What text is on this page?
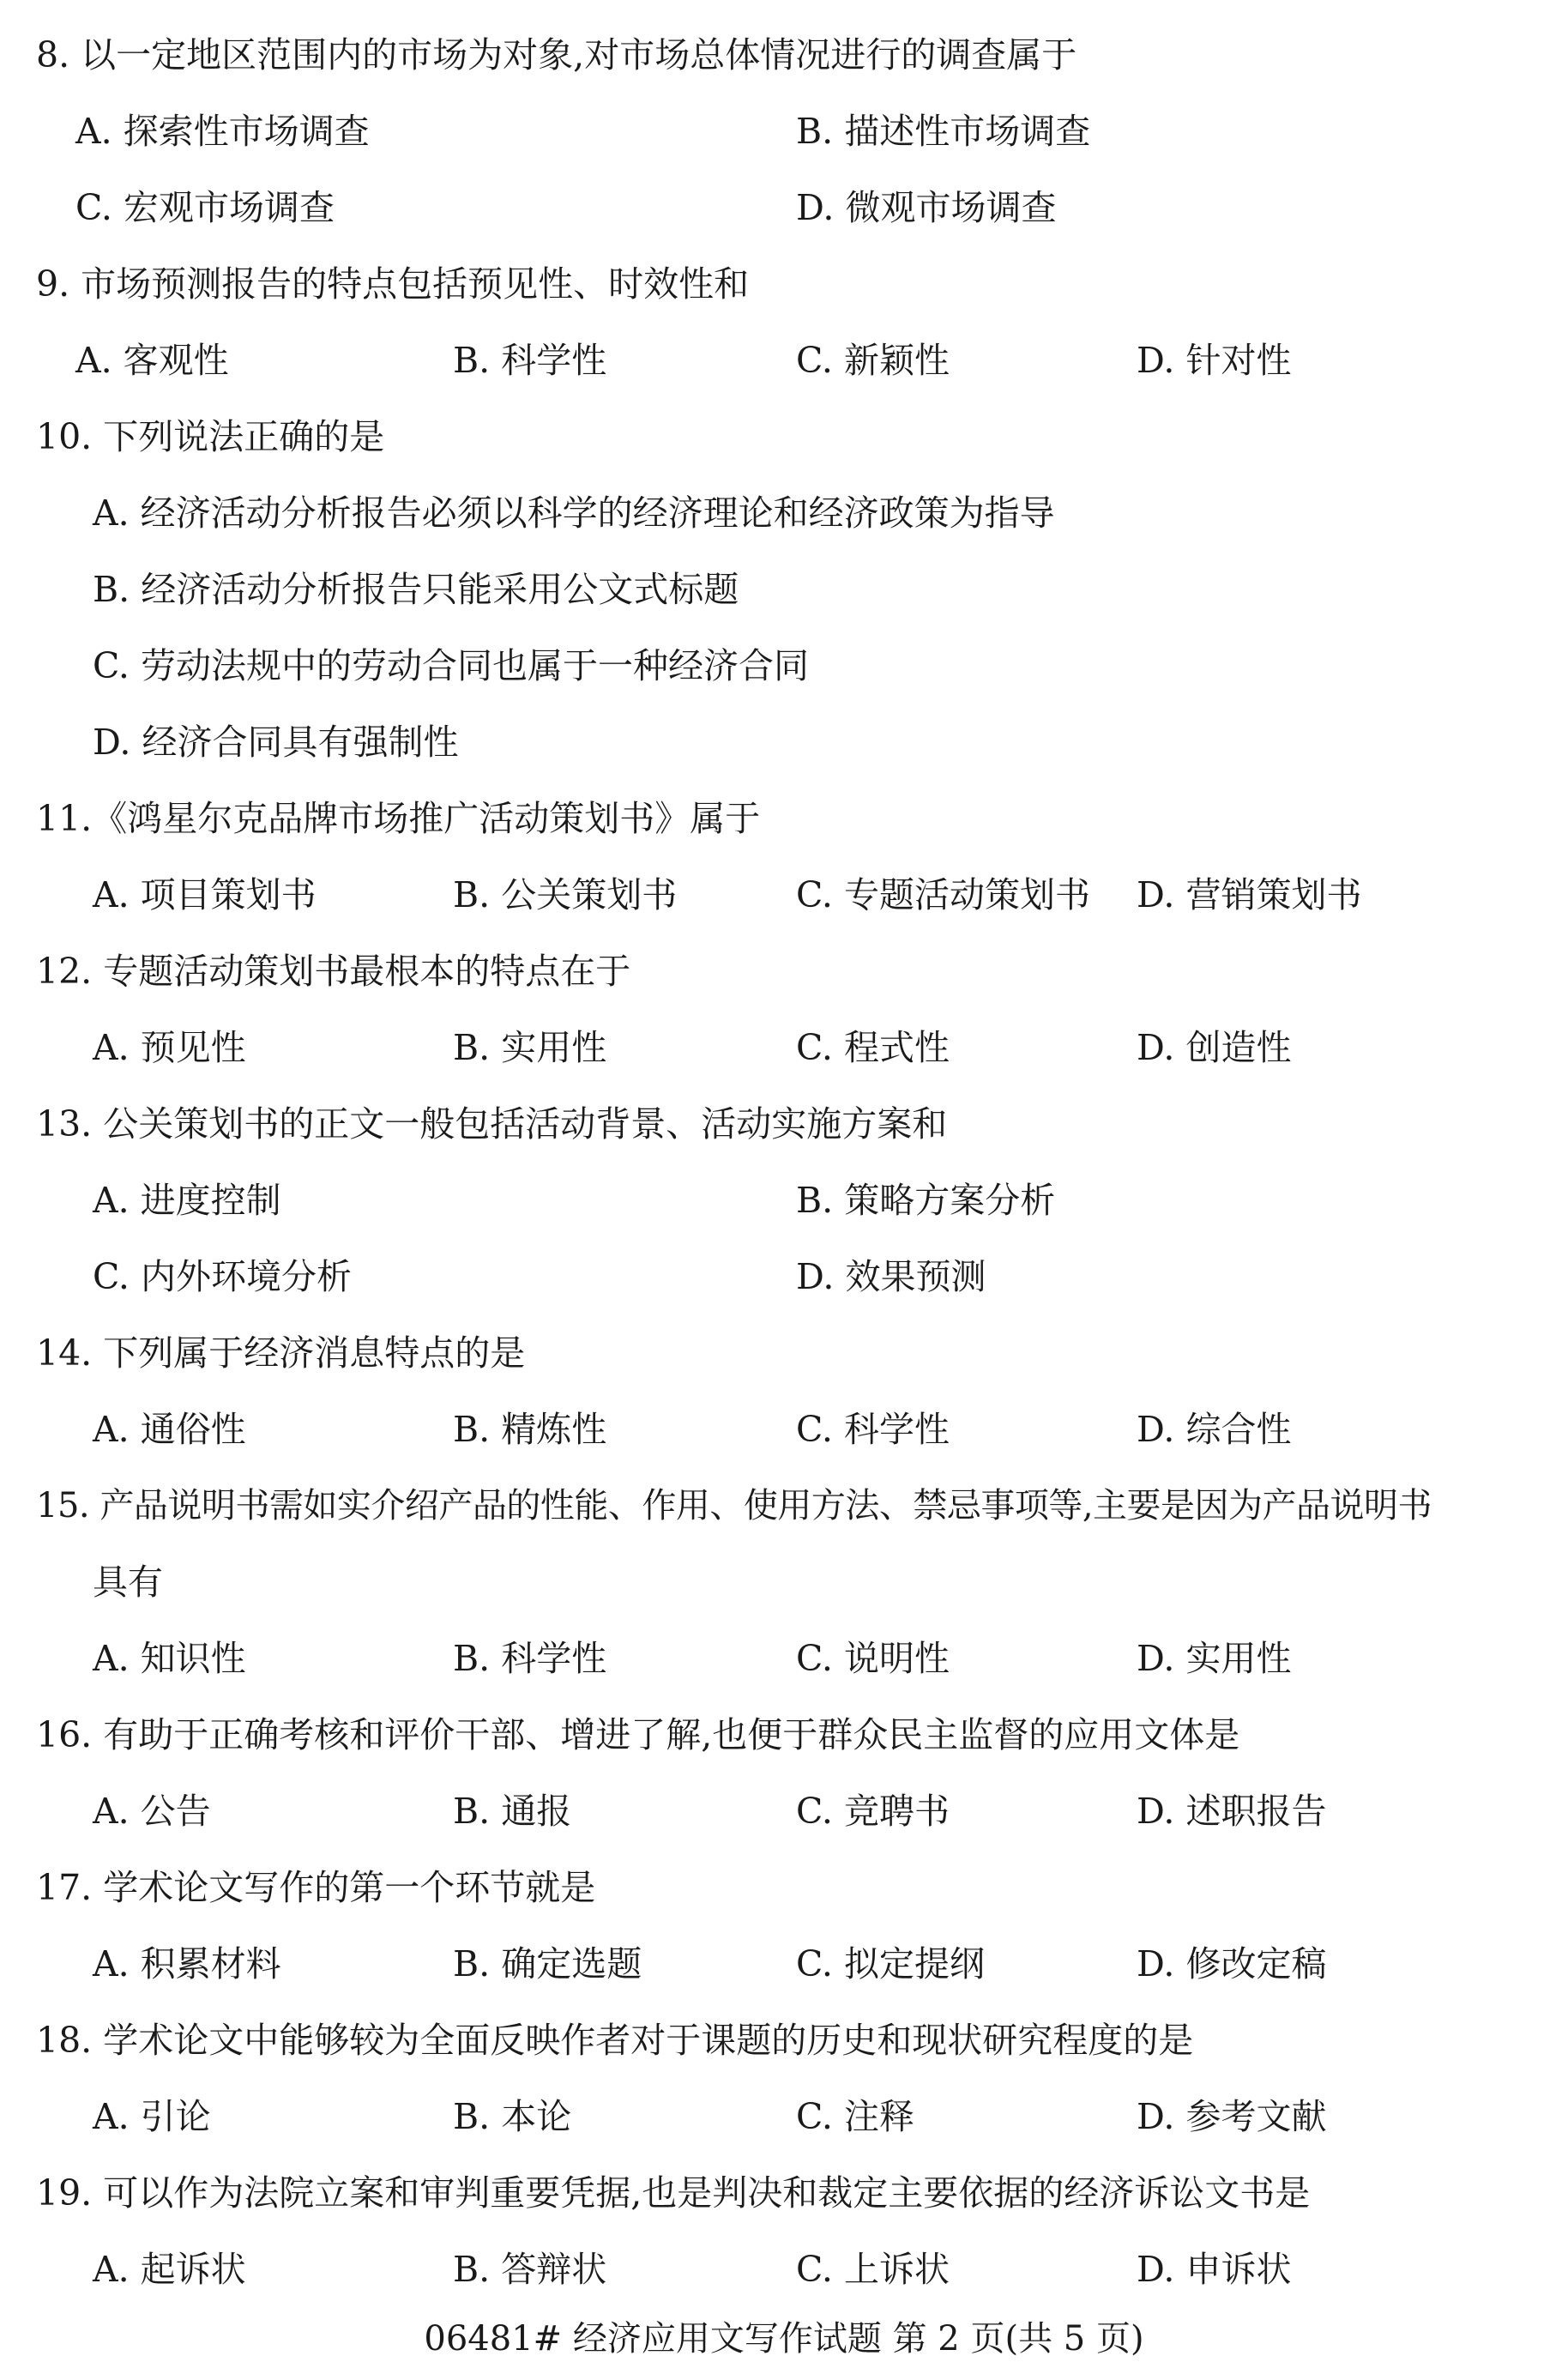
8. 以一定地区范围内的市场为对象,对市场总体情况进行的调查属于
A. 探索性市场调查	B. 描述性市场调查
C. 宏观市场调查	D. 微观市场调查
9. 市场预测报告的特点包括预见性、时效性和
A. 客观性	B. 科学性	C. 新颖性	D. 针对性
10. 下列说法正确的是
A. 经济活动分析报告必须以科学的经济理论和经济政策为指导
B. 经济活动分析报告只能采用公文式标题
C. 劳动法规中的劳动合同也属于一种经济合同
D. 经济合同具有强制性
11.《鸿星尔克品牌市场推广活动策划书》属于
A. 项目策划书	B. 公关策划书	C. 专题活动策划书 D. 营销策划书
12. 专题活动策划书最根本的特点在于
A. 预见性	B. 实用性	C. 程式性	D. 创造性
13. 公关策划书的正文一般包括活动背景、活动实施方案和
A. 进度控制	B. 策略方案分析
C. 内外环境分析	D. 效果预测
14. 下列属于经济消息特点的是
A. 通俗性	B. 精炼性	C. 科学性	D. 综合性
15. 产品说明书需如实介绍产品的性能、作用、使用方法、禁忌事项等,主要是因为产品说明书
具有
A. 知识性	B. 科学性	C. 说明性	D. 实用性
16. 有助于正确考核和评价干部、增进了解,也便于群众民主监督的应用文体是
A. 公告	B. 通报	C. 竞聘书	D. 述职报告
17. 学术论文写作的第一个环节就是
A. 积累材料	B. 确定选题	C. 拟定提纲	D. 修改定稿
18. 学术论文中能够较为全面反映作者对于课题的历史和现状研究程度的是
A. 引论	B. 本论	C. 注释	D. 参考文献
19. 可以作为法院立案和审判重要凭据,也是判决和裁定主要依据的经济诉讼文书是
A. 起诉状	B. 答辩状	C. 上诉状	D. 申诉状
06481# 经济应用文写作试题 第 2 页(共 5 页)
